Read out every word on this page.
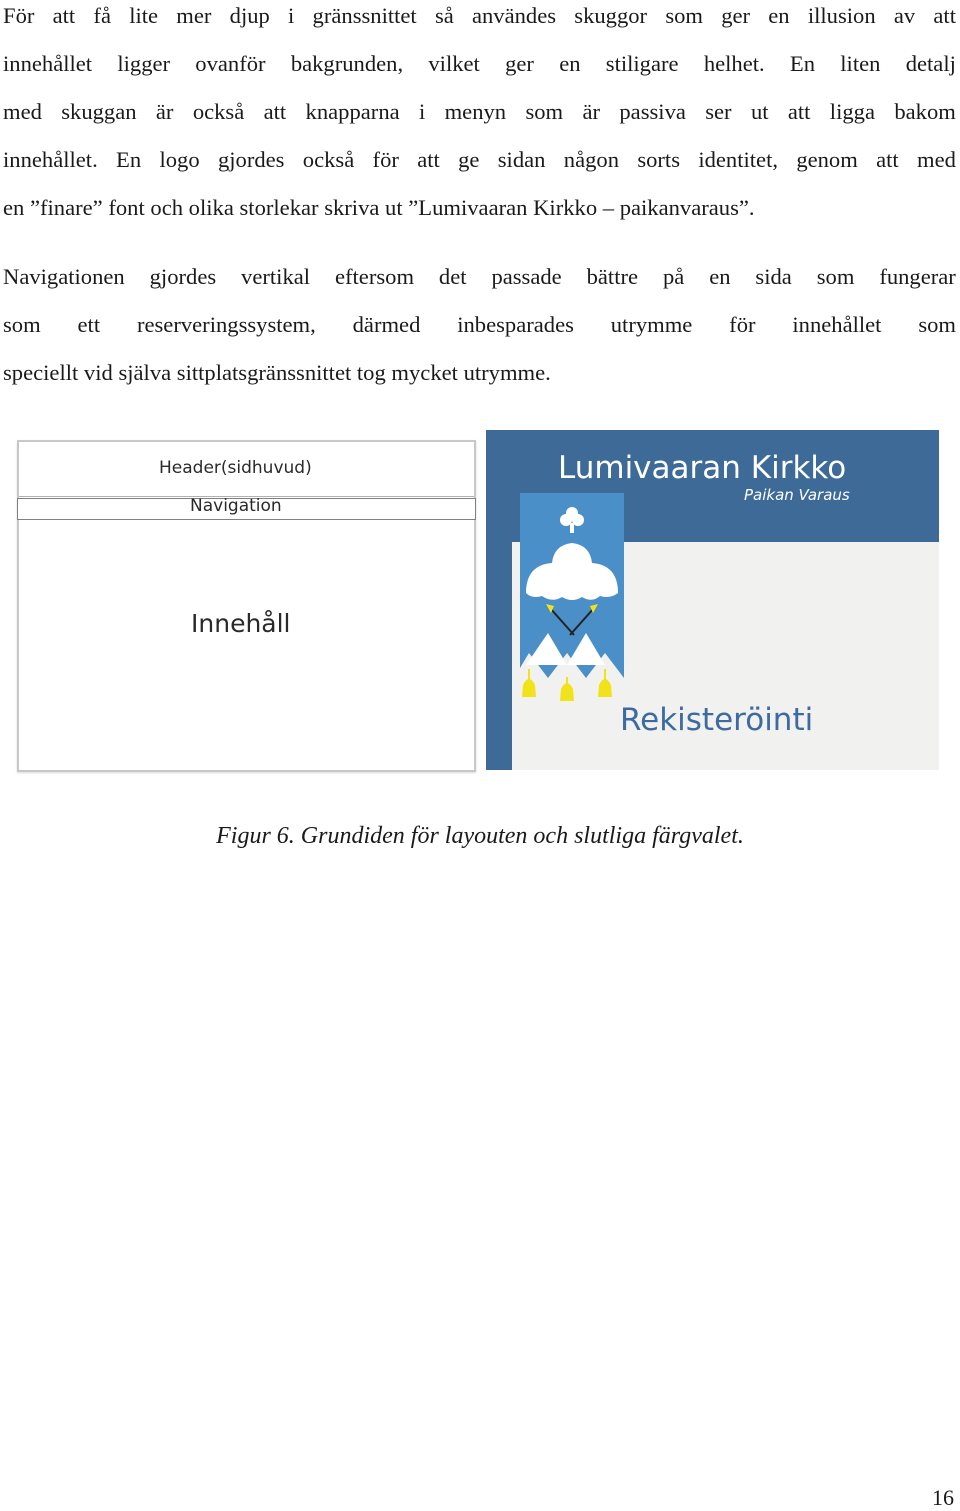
För att få lite mer djup i gränssnittet så användes skuggor som ger en illusion av att
innehållet ligger ovanför bakgrunden, vilket ger en stiligare helhet. En liten detalj
med skuggan är också att knapparna i menyn som är passiva ser ut att ligga bakom
innehållet. En logo gjordes också för att ge sidan någon sorts identitet, genom att med
en ”finare” font och olika storlekar skriva ut ”Lumivaaran Kirkko – paikanvaraus”.
Navigationen gjordes vertikal eftersom det passade bättre på en sida som fungerar
som ett reserveringssystem, därmed inbesparades utrymme för innehållet som
speciellt vid själva sittplatsgränssnittet tog mycket utrymme.
Header(sidhuvud)
Navigation
Innehåll
Lumivaaran Kirkko
Paikan Varaus
Rekisteröinti
Figur 6. Grundiden för layouten och slutliga färgvalet.
16
